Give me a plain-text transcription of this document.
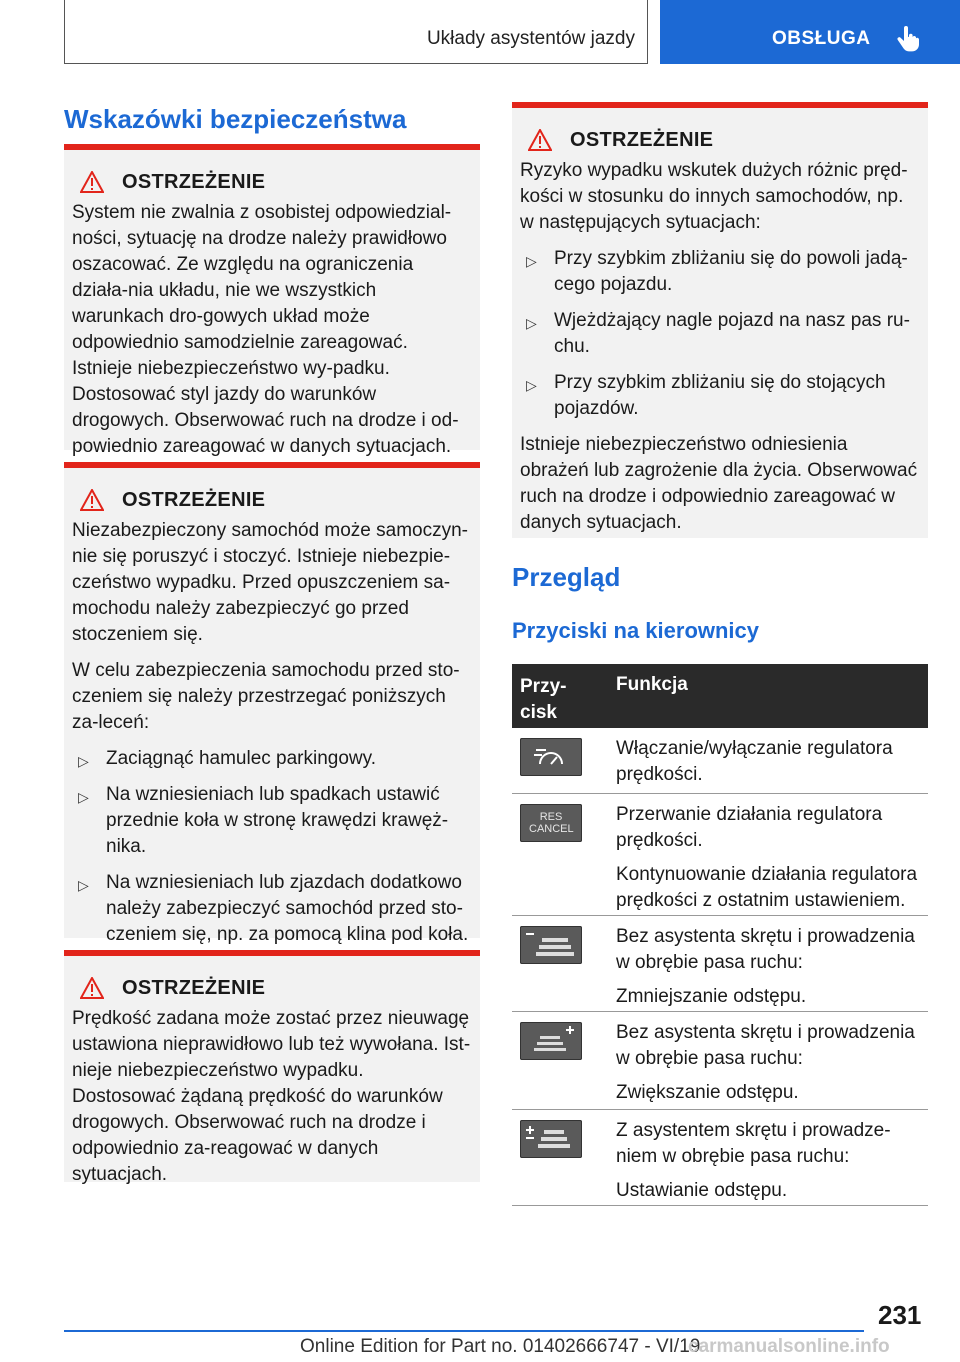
Układy asystentów jazdy	OBSŁUGA
Wskazówki bezpieczeństwa
OSTRZEŻENIE

System nie zwalnia z osobistej odpowiedzial-ności, sytuację na drodze należy prawidłowo oszacować. Ze względu na ograniczenia działa-nia układu, nie we wszystkich warunkach dro-gowych układ może odpowiednio samodzielnie zareagować. Istnieje niebezpieczeństwo wy-padku. Dostosować styl jazdy do warunków drogowych. Obserwować ruch na drodze i od-powiednio zareagować w danych sytuacjach.

OSTRZEŻENIE

Niezabezpieczony samochód może samoczyn-nie się poruszyć i stoczyć. Istnieje niebezpie-czeństwo wypadku. Przed opuszczeniem sa-mochodu należy zabezpieczyć go przed stoczeniem się.

W celu zabezpieczenia samochodu przed sto-czeniem się należy przestrzegać poniższych za-leceń:

▷ Zaciągnąć hamulec parkingowy.
▷ Na wzniesieniach lub spadkach ustawić przednie koła w stronę krawędzi krawęż-nika.
▷ Na wzniesieniach lub zjazdach dodatkowo należy zabezpieczyć samochód przed sto-czeniem się, np. za pomocą klina pod koła.
OSTRZEŻENIE

Prędkość zadana może zostać przez nieuwagę ustawiona nieprawidłowo lub też wywołana. Ist-nieje niebezpieczeństwo wypadku. Dostosować żądaną prędkość do warunków drogowych. Obserwować ruch na drodze i odpowiednio za-reagować w danych sytuacjach.

OSTRZEŻENIE

Ryzyko wypadku wskutek dużych różnic pręd-kości w stosunku do innych samochodów, np. w następujących sytuacjach:

▷ Przy szybkim zbliżaniu się do powoli jadą-cego pojazdu.
▷ Wjeżdżający nagle pojazd na nasz pas ru-chu.
▷ Przy szybkim zbliżaniu się do stojących pojazdów.

Istnieje niebezpieczeństwo odniesienia obrażeń lub zagrożenie dla życia. Obserwować ruch na drodze i odpowiednio zareagować w danych sytuacjach.

Przegląd
Przyciski na kierownicy
Przy-cisk
Funkcja

Włączanie/wyłączanie regulatora prędkości.

RES CANCEL

Przerwanie działania regulatora prędkości.

Kontynuowanie działania regulatora prędkości z ostatnim ustawieniem.

Bez asystenta skrętu i prowadzenia w obrębie pasa ruchu:

Zmniejszanie odstępu.

Bez asystenta skrętu i prowadzenia w obrębie pasa ruchu:

Zwiększanie odstępu.

Z asystentem skrętu i prowadze-niem w obrębie pasa ruchu:

Ustawianie odstępu.

231
Online Edition for Part no. 01402666747 - VI/19
carmanualsonline.info
